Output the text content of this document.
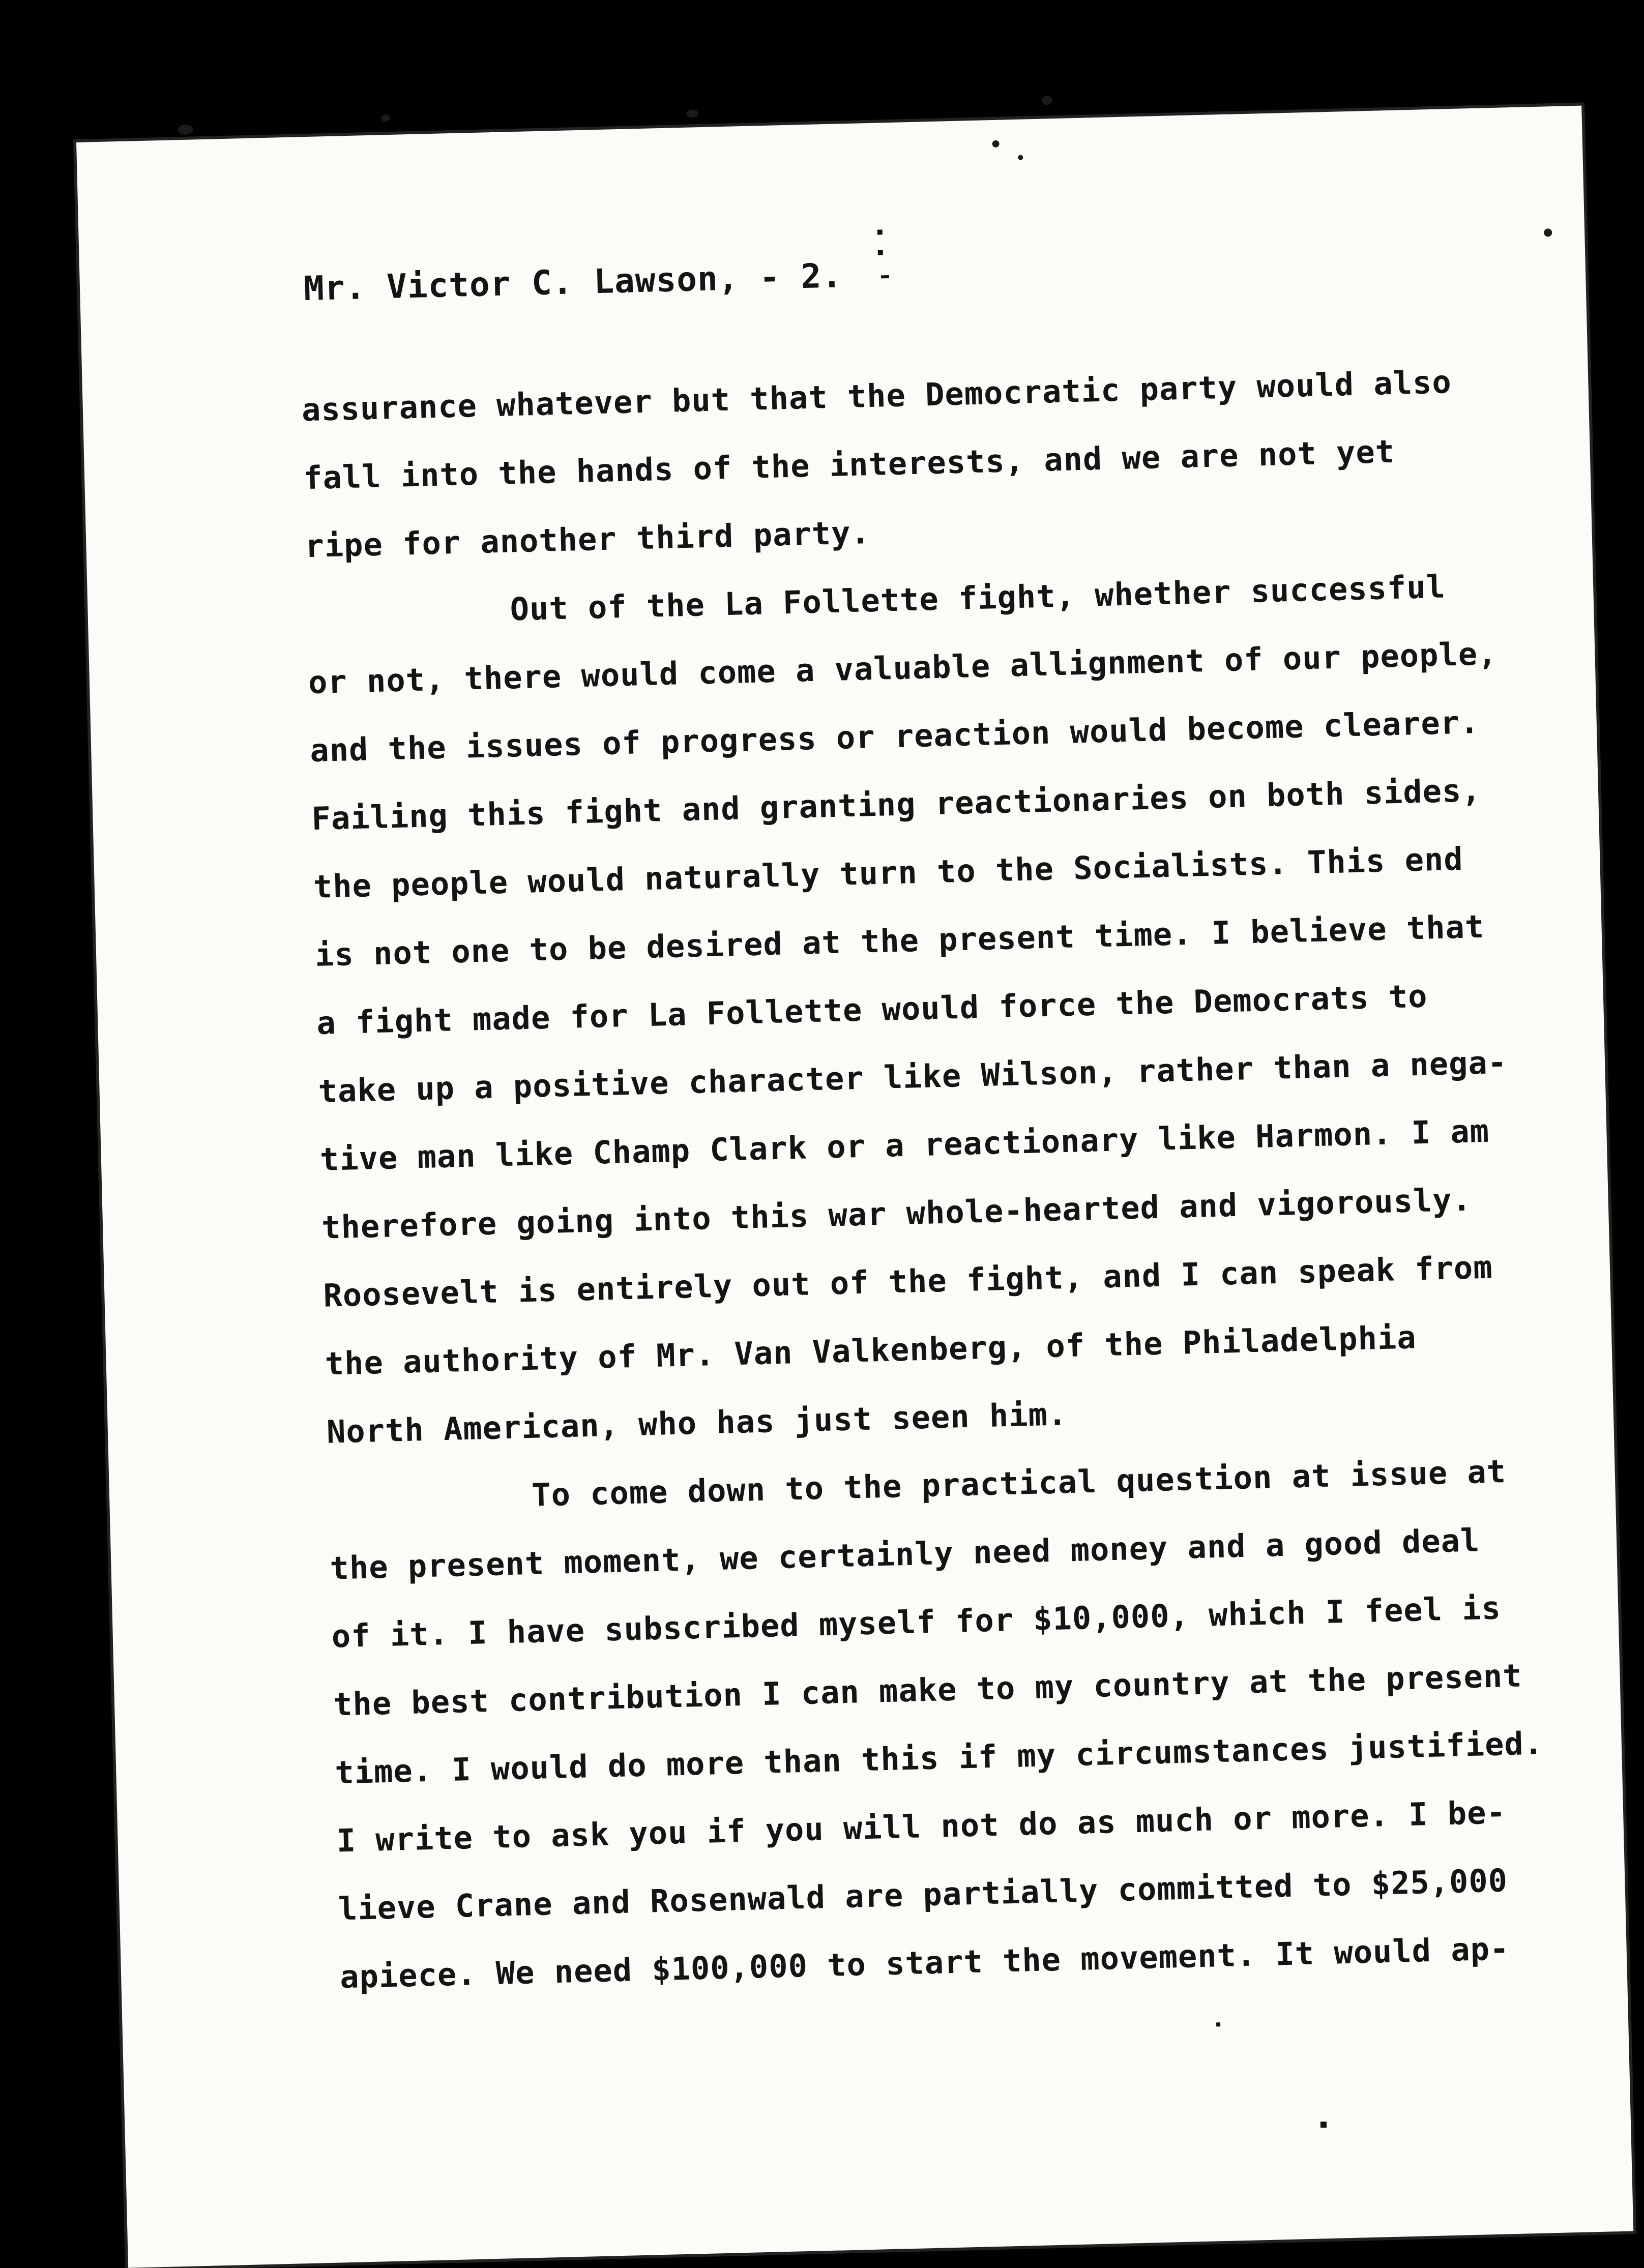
Mr. Victor C. Lawson, - 2.
assurance whatever but that the Democratic party would also
fall into the hands of the interests, and we are not yet
ripe for another third party.
Out of the La Follette fight, whether successful
or not, there would come a valuable allignment of our people,
and the issues of progress or reaction would become clearer.
Failing this fight and granting reactionaries on both sides,
the people would naturally turn to the Socialists. This end
is not one to be desired at the present time. I believe that
a fight made for La Follette would force the Democrats to
take up a positive character like Wilson, rather than a nega-
tive man like Champ Clark or a reactionary like Harmon. I am
therefore going into this war whole-hearted and vigorously.
Roosevelt is entirely out of the fight, and I can speak from
the authority of Mr. Van Valkenberg, of the Philadelphia
North American, who has just seen him.
To come down to the practical question at issue at
the present moment, we certainly need money and a good deal
of it. I have subscribed myself for $10,000, which I feel is
the best contribution I can make to my country at the present
time. I would do more than this if my circumstances justified.
I write to ask you if you will not do as much or more. I be-
lieve Crane and Rosenwald are partially committed to $25,000
apiece. We need $100,000 to start the movement. It would ap-
